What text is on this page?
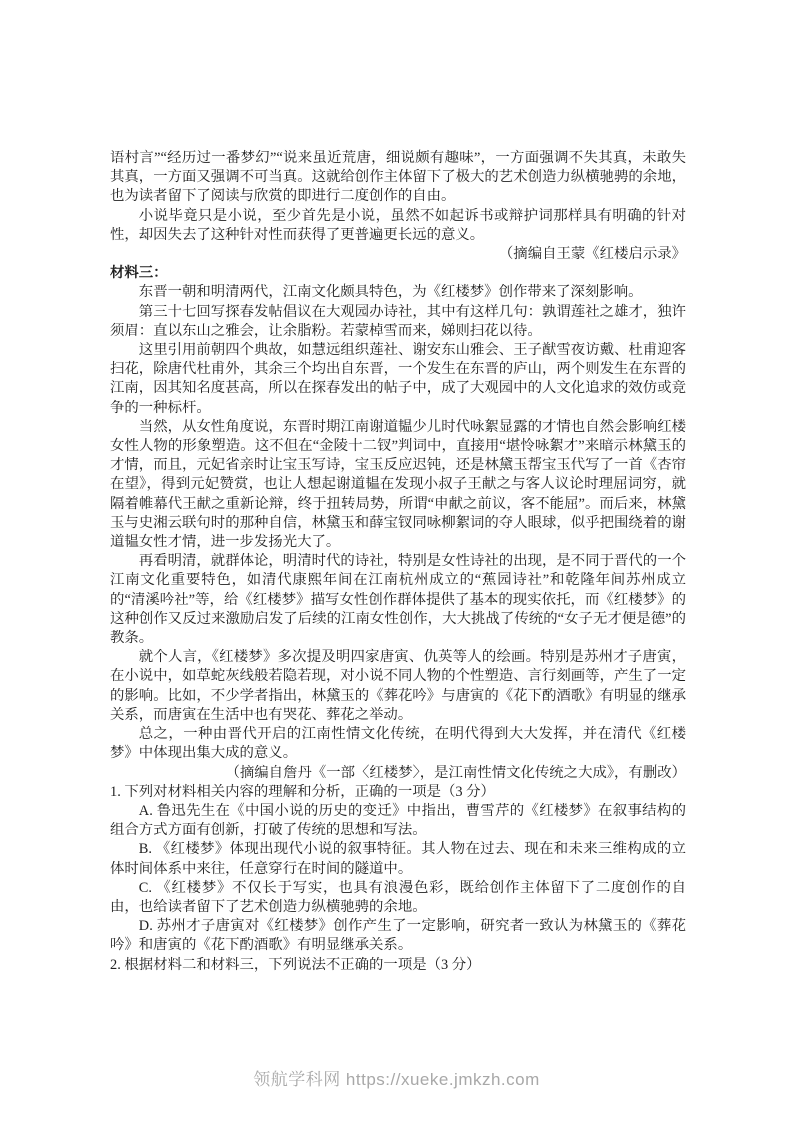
语村言”“经历过一番梦幻”“说来虽近荒唐，细说颇有趣味”，一方面强调不失其真，未敢失其真，一方面又强调不可当真。这就给创作主体留下了极大的艺术创造力纵横驰骋的余地，也为读者留下了阅读与欣赏的即进行二度创作的自由。

小说毕竟只是小说，至少首先是小说，虽然不如起诉书或辩护词那样具有明确的针对性，却因失去了这种针对性而获得了更普遍更长远的意义。

（摘编自王蒙《红楼启示录》

材料三：

东晋一朝和明清两代，江南文化颇具特色，为《红楼梦》创作带来了深刻影响。

第三十七回写探春发帖倡议在大观园办诗社，其中有这样几句：孰谓莲社之雄才，独许须眉：直以东山之雅会，让余脂粉。若蒙棹雪而来，娣则扫花以待。

这里引用前朝四个典故，如慧远组织莲社、谢安东山雅会、王子猷雪夜访戴、杜甫迎客扫花，除唐代杜甫外，其余三个均出自东晋，一个发生在东晋的庐山，两个则发生在东晋的江南，因其知名度甚高，所以在探春发出的帖子中，成了大观园中的人文化追求的效仿或竞争的一种标杆。

当然，从女性角度说，东晋时期江南谢道韫少儿时代咏絮显露的才情也自然会影响红楼女性人物的形象塑造。这不但在“金陵十二钗”判词中，直接用“堪怜咏絮才”来暗示林黛玉的才情，而且，元妃省亲时让宝玉写诗，宝玉反应迟钝，还是林黛玉帮宝玉代写了一首《杏帘在望》，得到元妃赞赏，也让人想起谢道韫在发现小叔子王献之与客人议论时理屈词穷，就隔着帷幕代王献之重新论辩，终于扭转局势，所谓“申献之前议，客不能屈”。而后来，林黛玉与史湘云联句时的那种自信，林黛玉和薛宝钗同咏柳絮词的夺人眼球，似乎把围绕着的谢道韫女性才情，进一步发扬光大了。

再看明清，就群体论，明清时代的诗社，特别是女性诗社的出现，是不同于晋代的一个江南文化重要特色，如清代康熙年间在江南杭州成立的“蕉园诗社”和乾隆年间苏州成立的“清溪吟社”等，给《红楼梦》描写女性创作群体提供了基本的现实依托，而《红楼梦》的这种创作又反过来激励启发了后续的江南女性创作，大大挑战了传统的“女子无才便是德”的教条。

就个人言，《红楼梦》多次提及明四家唐寅、仇英等人的绘画。特别是苏州才子唐寅，在小说中，如草蛇灰线般若隐若现，对小说不同人物的个性塑造、言行刻画等，产生了一定的影响。比如，不少学者指出，林黛玉的《葬花吟》与唐寅的《花下酌酒歌》有明显的继承关系，而唐寅在生活中也有哭花、葬花之举动。

总之，一种由晋代开启的江南性情文化传统，在明代得到大大发挥，并在清代《红楼梦》中体现出集大成的意义。

（摘编自詹丹《一部〈红楼梦〉，是江南性情文化传统之大成》，有删改）

1. 下列对材料相关内容的理解和分析，正确的一项是（3 分）

A. 鲁迅先生在《中国小说的历史的变迁》中指出，曹雪芹的《红楼梦》在叙事结构的组合方式方面有创新，打破了传统的思想和写法。

B. 《红楼梦》体现出现代小说的叙事特征。其人物在过去、现在和未来三维构成的立体时间体系中来往，任意穿行在时间的隧道中。

C. 《红楼梦》不仅长于写实，也具有浪漫色彩，既给创作主体留下了二度创作的自由，也给读者留下了艺术创造力纵横驰骋的余地。

D. 苏州才子唐寅对《红楼梦》创作产生了一定影响，研究者一致认为林黛玉的《葬花吟》和唐寅的《花下酌酒歌》有明显继承关系。

2. 根据材料二和材料三，下列说法不正确的一项是（3 分）

领航学科网 https://xueke.jmkzh.com
